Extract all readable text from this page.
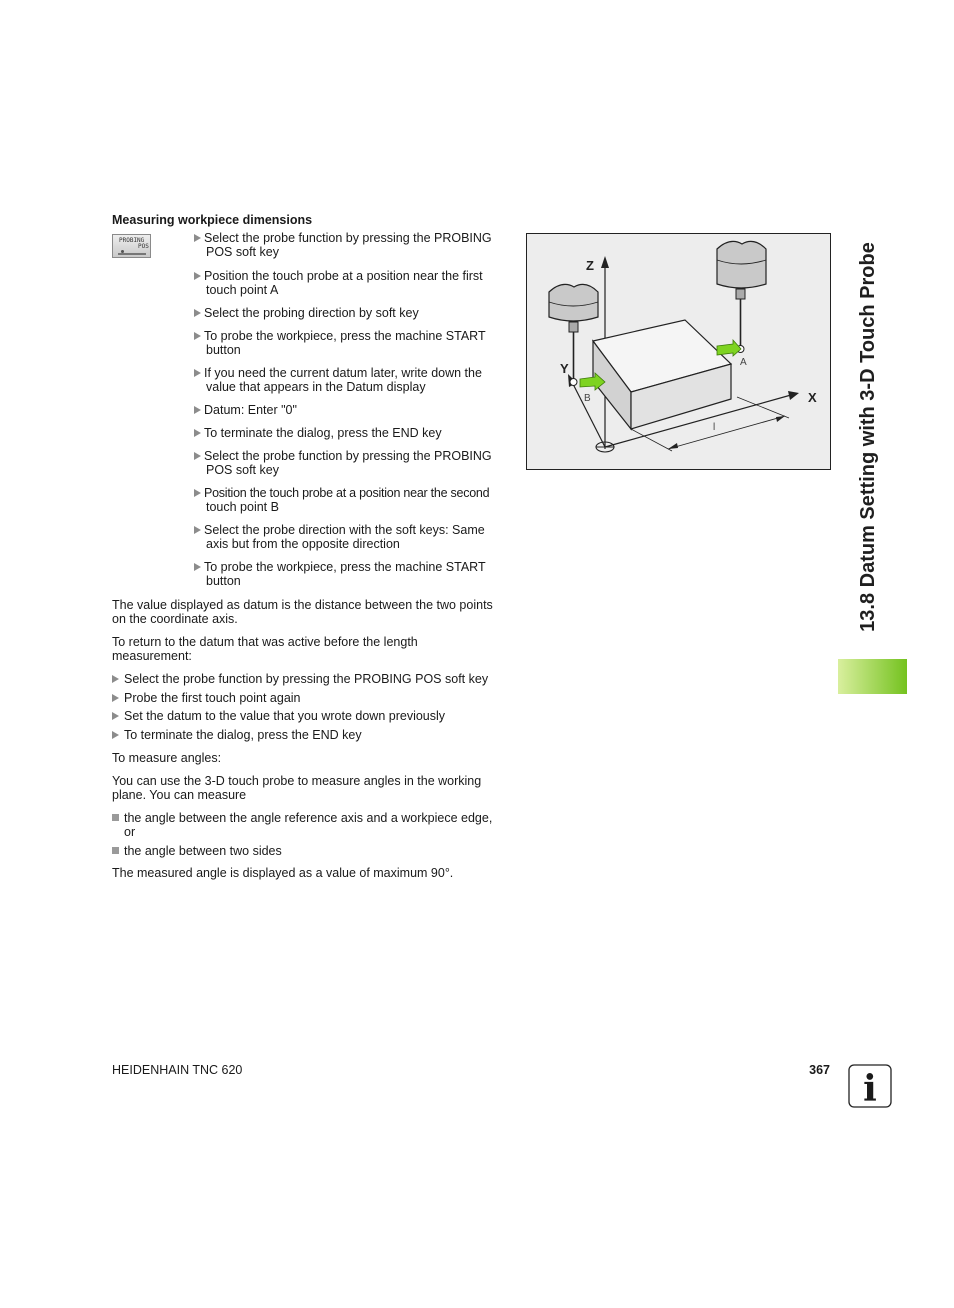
Measuring workpiece dimensions
PROBING
POS
Select the probe function by pressing the PROBING
POS soft key
Position the touch probe at a position near the first
touch point A
Select the probing direction by soft key
To probe the workpiece, press the machine START
button
If you need the current datum later, write down the
value that appears in the Datum display
Datum: Enter "0"
To terminate the dialog, press the END key
Select the probe function by pressing the PROBING
POS soft key
Position the touch probe at a position near the second
touch point B
Select the probe direction with the soft keys: Same
axis but from the opposite direction
To probe the workpiece, press the machine START
button
The value displayed as datum is the distance between the two points
on the coordinate axis.
To return to the datum that was active before the length
measurement:
Select the probe function by pressing the PROBING POS soft key
Probe the first touch point again
Set the datum to the value that you wrote down previously
To terminate the dialog, press the END key
To measure angles:
You can use the 3-D touch probe to measure angles in the working
plane. You can measure
the angle between the angle reference axis and a workpiece edge,
or
the angle between two sides
The measured angle is displayed as a value of maximum 90°.
Z
Y
X
l
A
B	13.8 Datum Setting with 3-D Touch Probe
HEIDENHAIN TNC 620	367 i
